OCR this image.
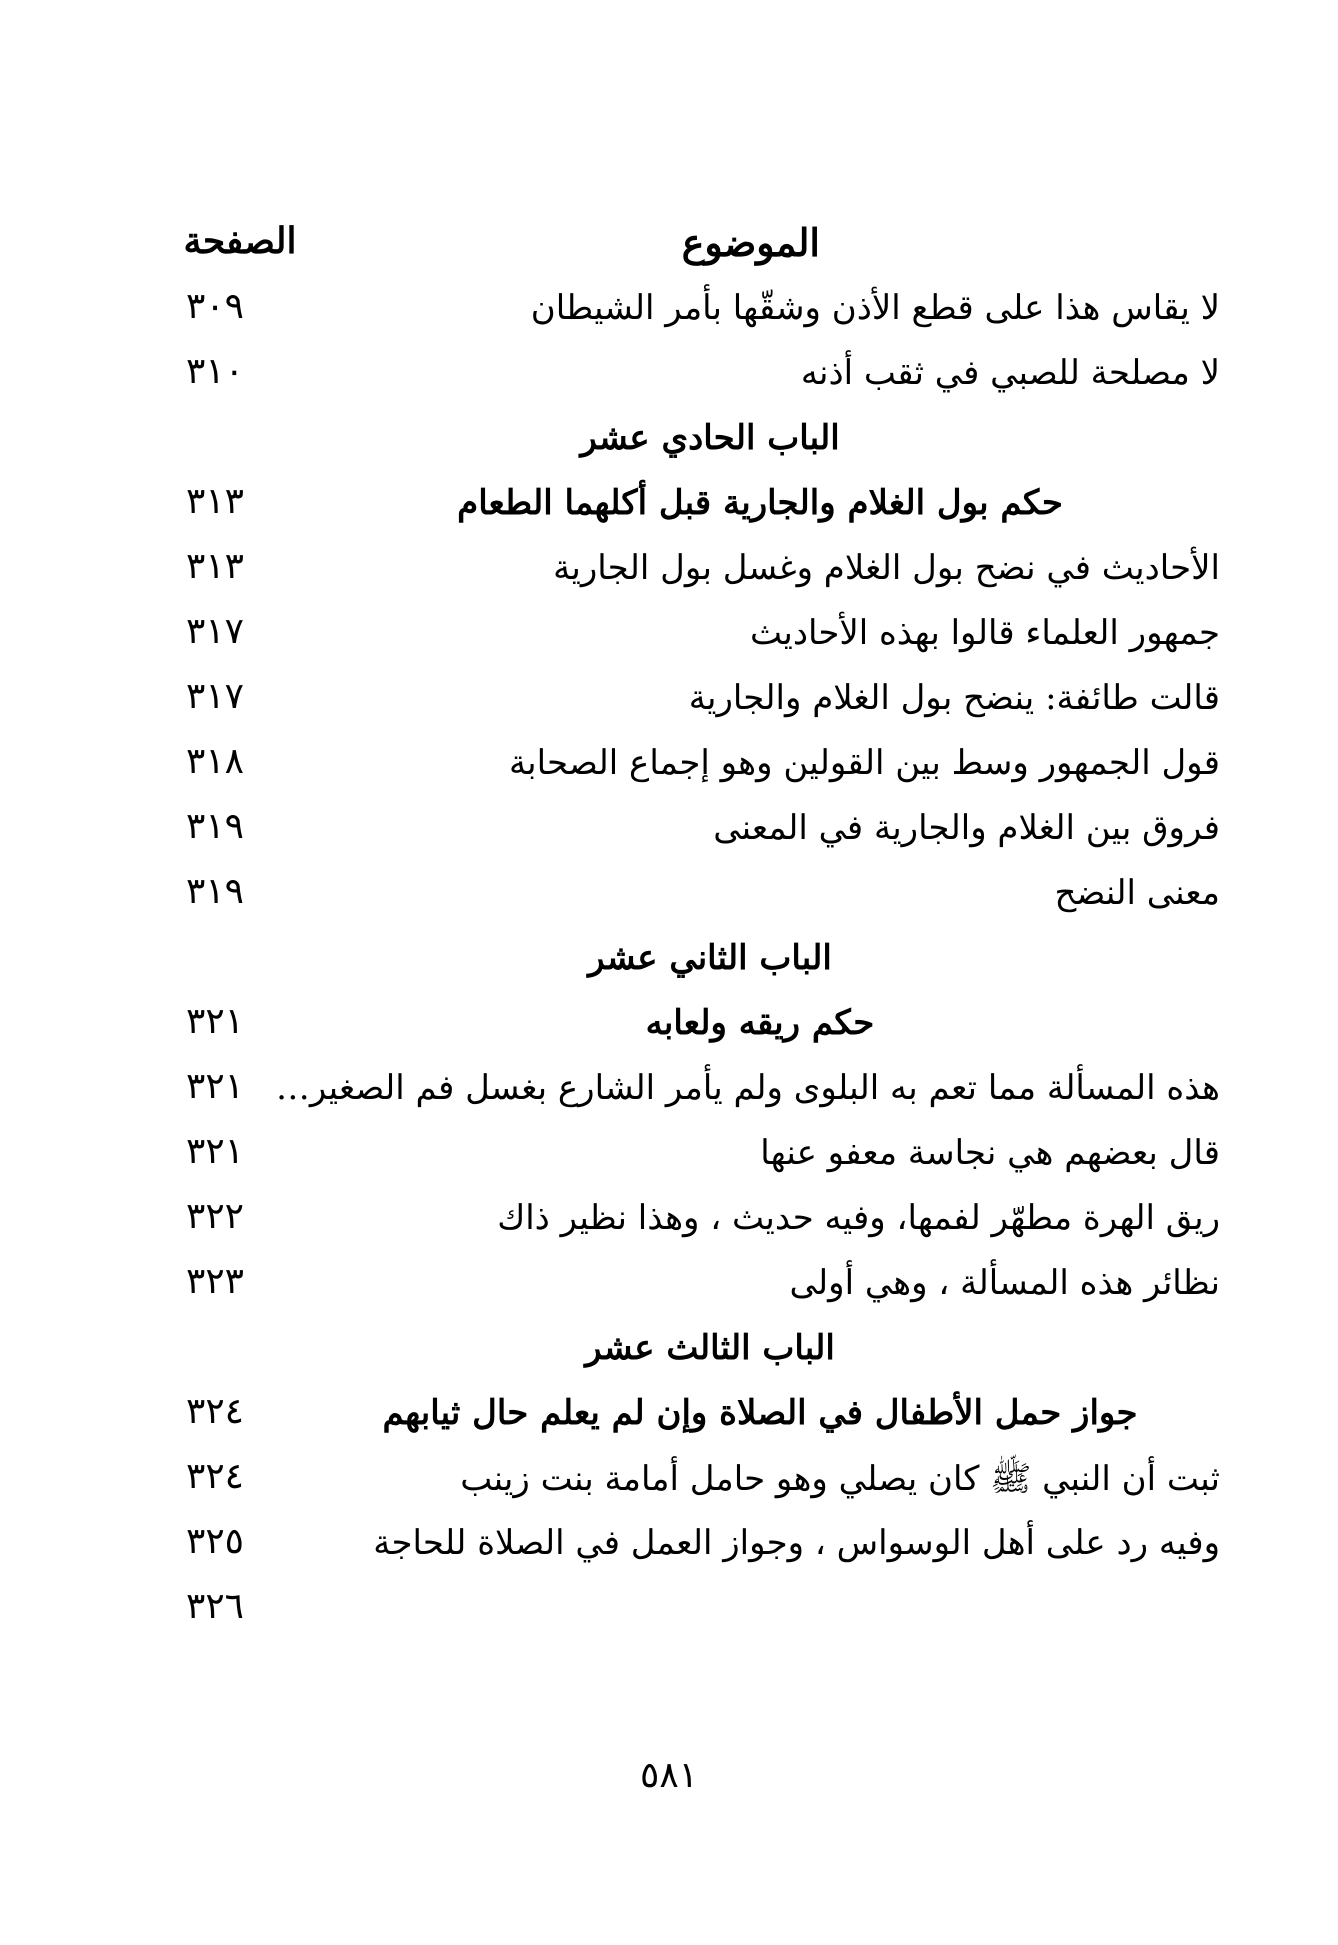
الموضوع
الصفحة
لا يقاس هذا على قطع الأذن وشقّها بأمر الشيطان
٣٠٩
لا مصلحة للصبي في ثقب أذنه
٣١٠
الباب الحادي عشر
حكم بول الغلام والجارية قبل أكلهما الطعام
٣١٣
الأحاديث في نضح بول الغلام وغسل بول الجارية
٣١٣
جمهور العلماء قالوا بهذه الأحاديث
٣١٧
قالت طائفة: ينضح بول الغلام والجارية
٣١٧
قول الجمهور وسط بين القولين وهو إجماع الصحابة
٣١٨
فروق بين الغلام والجارية في المعنى
٣١٩
معنى النضح
٣١٩
الباب الثاني عشر
حكم ريقه ولعابه
٣٢١
هذه المسألة مما تعم به البلوى ولم يأمر الشارع بغسل فم الصغير…
٣٢١
قال بعضهم هي نجاسة معفو عنها
٣٢١
ريق الهرة مطهّر لفمها، وفيه حديث ، وهذا نظير ذاك
٣٢٢
نظائر هذه المسألة ، وهي أولى
٣٢٣
الباب الثالث عشر
جواز حمل الأطفال في الصلاة وإن لم يعلم حال ثيابهم
٣٢٤
ثبت أن النبي ﷺ كان يصلي وهو حامل أمامة بنت زينب
٣٢٤
وفيه رد على أهل الوسواس ، وجواز العمل في الصلاة للحاجة
٣٢٥
٣٢٦
٥٨١
